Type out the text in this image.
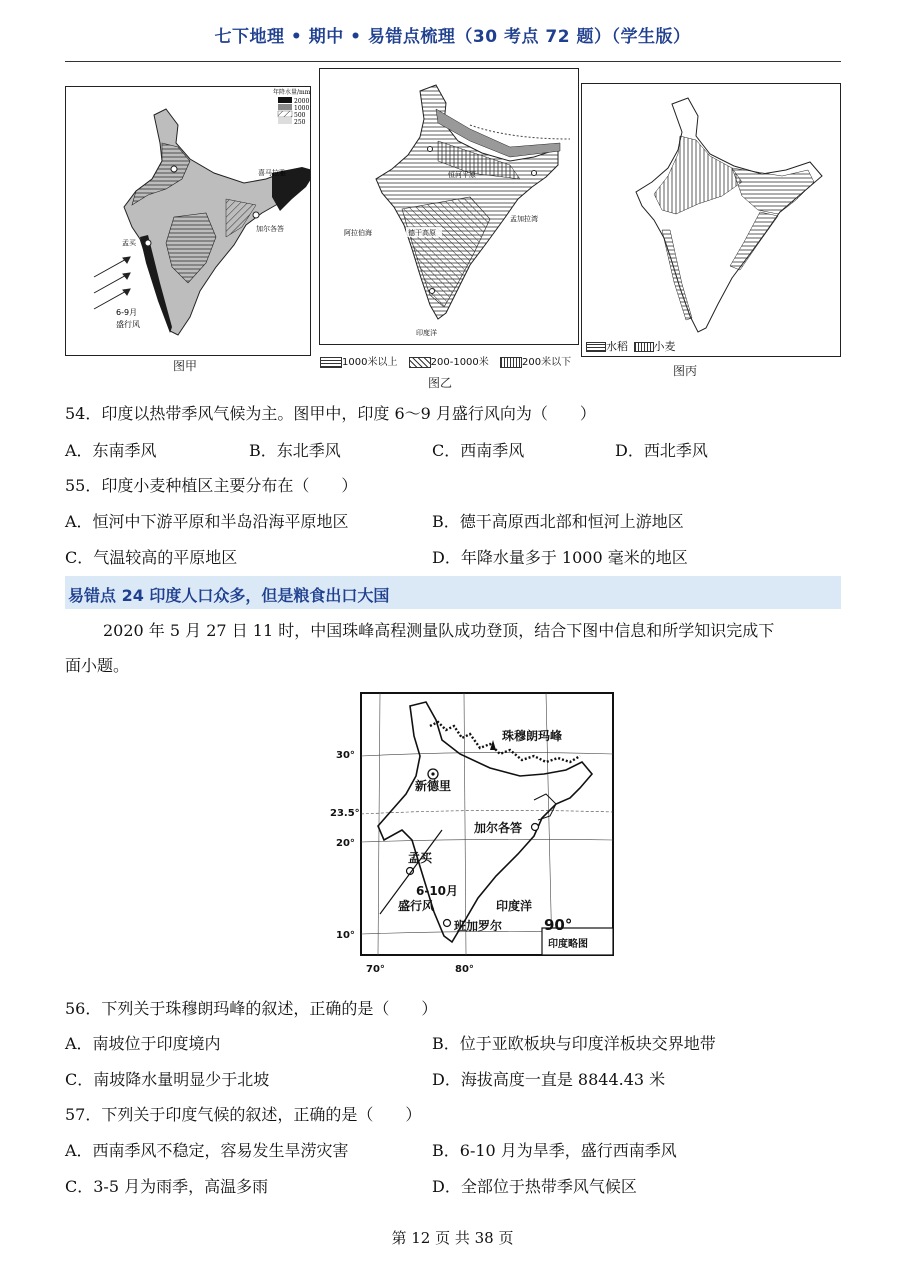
七下地理 • 期中 • 易错点梳理（30 考点 72 题）（学生版）
年降水量/mm
2000
1000
500
250
喜马拉雅
加尔各答
孟买
6-9月
盛行风
图甲
恒河平原
阿拉伯海
孟加拉湾
德干高原
印度洋
1000米以上	200-1000米	200米以下
图乙
水稻 小麦
图丙
54．印度以热带季风气候为主。图甲中，印度 6～9 月盛行风向为（　　）
A．东南季风	B．东北季风	C．西南季风	D．西北季风
55．印度小麦种植区主要分布在（　　）
A．恒河中下游平原和半岛沿海平原地区	B．德干高原西北部和恒河上游地区
C．气温较高的平原地区	D．年降水量多于 1000 毫米的地区
易错点 24 印度人口众多，但是粮食出口大国
2020 年 5 月 27 日 11 时，中国珠峰高程测量队成功登顶，结合下图中信息和所学知识完成下
面小题。
珠穆朗玛峰
新德里
加尔各答
孟买
6-10月
盛行风	印度洋
班加罗尔	90°
印度略图
30°
23.5°
20°
10°
70°	80°
56．下列关于珠穆朗玛峰的叙述，正确的是（　　）
A．南坡位于印度境内	B．位于亚欧板块与印度洋板块交界地带
C．南坡降水量明显少于北坡	D．海拔高度一直是 8844.43 米
57．下列关于印度气候的叙述，正确的是（　　）
A．西南季风不稳定，容易发生旱涝灾害	B．6-10 月为旱季，盛行西南季风
C．3-5 月为雨季，高温多雨	D．全部位于热带季风气候区
第 12 页 共 38 页
